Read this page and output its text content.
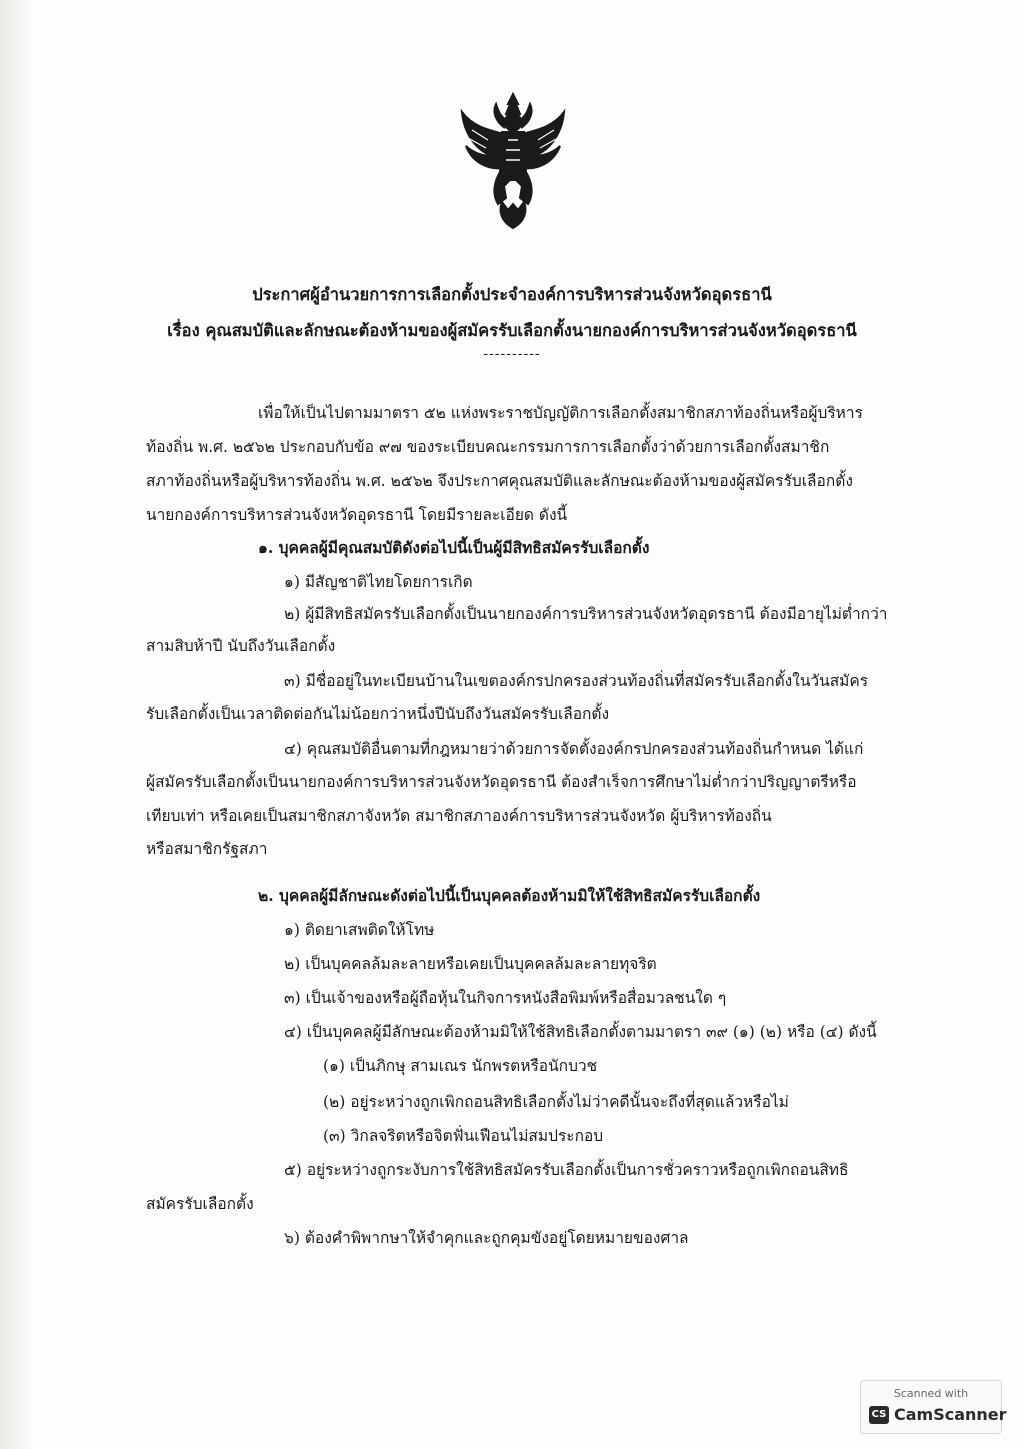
ประกาศผู้อำนวยการการเลือกตั้งประจำองค์การบริหารส่วนจังหวัดอุดรธานี
เรื่อง คุณสมบัติและลักษณะต้องห้ามของผู้สมัครรับเลือกตั้งนายกองค์การบริหารส่วนจังหวัดอุดรธานี
----------
เพื่อให้เป็นไปตามมาตรา ๕๒ แห่งพระราชบัญญัติการเลือกตั้งสมาชิกสภาท้องถิ่นหรือผู้บริหาร
ท้องถิ่น พ.ศ. ๒๕๖๒ ประกอบกับข้อ ๙๗ ของระเบียบคณะกรรมการการเลือกตั้งว่าด้วยการเลือกตั้งสมาชิก
สภาท้องถิ่นหรือผู้บริหารท้องถิ่น พ.ศ. ๒๕๖๒ จึงประกาศคุณสมบัติและลักษณะต้องห้ามของผู้สมัครรับเลือกตั้ง
นายกองค์การบริหารส่วนจังหวัดอุดรธานี โดยมีรายละเอียด ดังนี้
๑. บุคคลผู้มีคุณสมบัติดังต่อไปนี้เป็นผู้มีสิทธิสมัครรับเลือกตั้ง
๑) มีสัญชาติไทยโดยการเกิด
๒) ผู้มีสิทธิสมัครรับเลือกตั้งเป็นนายกองค์การบริหารส่วนจังหวัดอุดรธานี ต้องมีอายุไม่ต่ำกว่า
สามสิบห้าปี นับถึงวันเลือกตั้ง
๓) มีชื่ออยู่ในทะเบียนบ้านในเขตองค์กรปกครองส่วนท้องถิ่นที่สมัครรับเลือกตั้งในวันสมัคร
รับเลือกตั้งเป็นเวลาติดต่อกันไม่น้อยกว่าหนึ่งปีนับถึงวันสมัครรับเลือกตั้ง
๔) คุณสมบัติอื่นตามที่กฎหมายว่าด้วยการจัดตั้งองค์กรปกครองส่วนท้องถิ่นกำหนด ได้แก่
ผู้สมัครรับเลือกตั้งเป็นนายกองค์การบริหารส่วนจังหวัดอุดรธานี ต้องสำเร็จการศึกษาไม่ต่ำกว่าปริญญาตรีหรือ
เทียบเท่า หรือเคยเป็นสมาชิกสภาจังหวัด สมาชิกสภาองค์การบริหารส่วนจังหวัด ผู้บริหารท้องถิ่น
หรือสมาชิกรัฐสภา
๒. บุคคลผู้มีลักษณะดังต่อไปนี้เป็นบุคคลต้องห้ามมิให้ใช้สิทธิสมัครรับเลือกตั้ง
๑) ติดยาเสพติดให้โทษ
๒) เป็นบุคคลล้มละลายหรือเคยเป็นบุคคลล้มละลายทุจริต
๓) เป็นเจ้าของหรือผู้ถือหุ้นในกิจการหนังสือพิมพ์หรือสื่อมวลชนใด ๆ
๔) เป็นบุคคลผู้มีลักษณะต้องห้ามมิให้ใช้สิทธิเลือกตั้งตามมาตรา ๓๙ (๑) (๒) หรือ (๔) ดังนี้
(๑) เป็นภิกษุ สามเณร นักพรตหรือนักบวช
(๒) อยู่ระหว่างถูกเพิกถอนสิทธิเลือกตั้งไม่ว่าคดีนั้นจะถึงที่สุดแล้วหรือไม่
(๓) วิกลจริตหรือจิตฟั่นเฟือนไม่สมประกอบ
๕) อยู่ระหว่างถูกระงับการใช้สิทธิสมัครรับเลือกตั้งเป็นการชั่วคราวหรือถูกเพิกถอนสิทธิ
สมัครรับเลือกตั้ง
๖) ต้องคำพิพากษาให้จำคุกและถูกคุมขังอยู่โดยหมายของศาล
Scanned with
CS CamScanner
